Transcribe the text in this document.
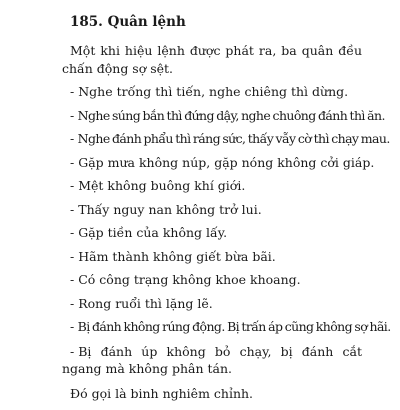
185. Quân lệnh

Một khi hiệu lệnh được phát ra, ba quân đều chấn động sợ sệt.

- Nghe trống thì tiến, nghe chiêng thì dừng.
- Nghe súng bắn thì đứng dậy, nghe chuông đánh thì ăn.
- Nghe đánh phẩu thì ráng sức, thấy vẫy cờ thì chạy mau.
- Gặp mưa không núp, gặp nóng không cởi giáp.
- Mệt không buông khí giới.
- Thấy nguy nan không trở lui.
- Gặp tiền của không lấy.
- Hãm thành không giết bừa bãi.
- Có công trạng không khoe khoang.
- Rong ruổi thì lặng lẽ.
- Bị đánh không rúng động. Bị trấn áp cũng không sợ hãi.
- Bị đánh úp không bỏ chạy, bị đánh cắt ngang mà không phân tán.

Đó gọi là binh nghiêm chỉnh.
